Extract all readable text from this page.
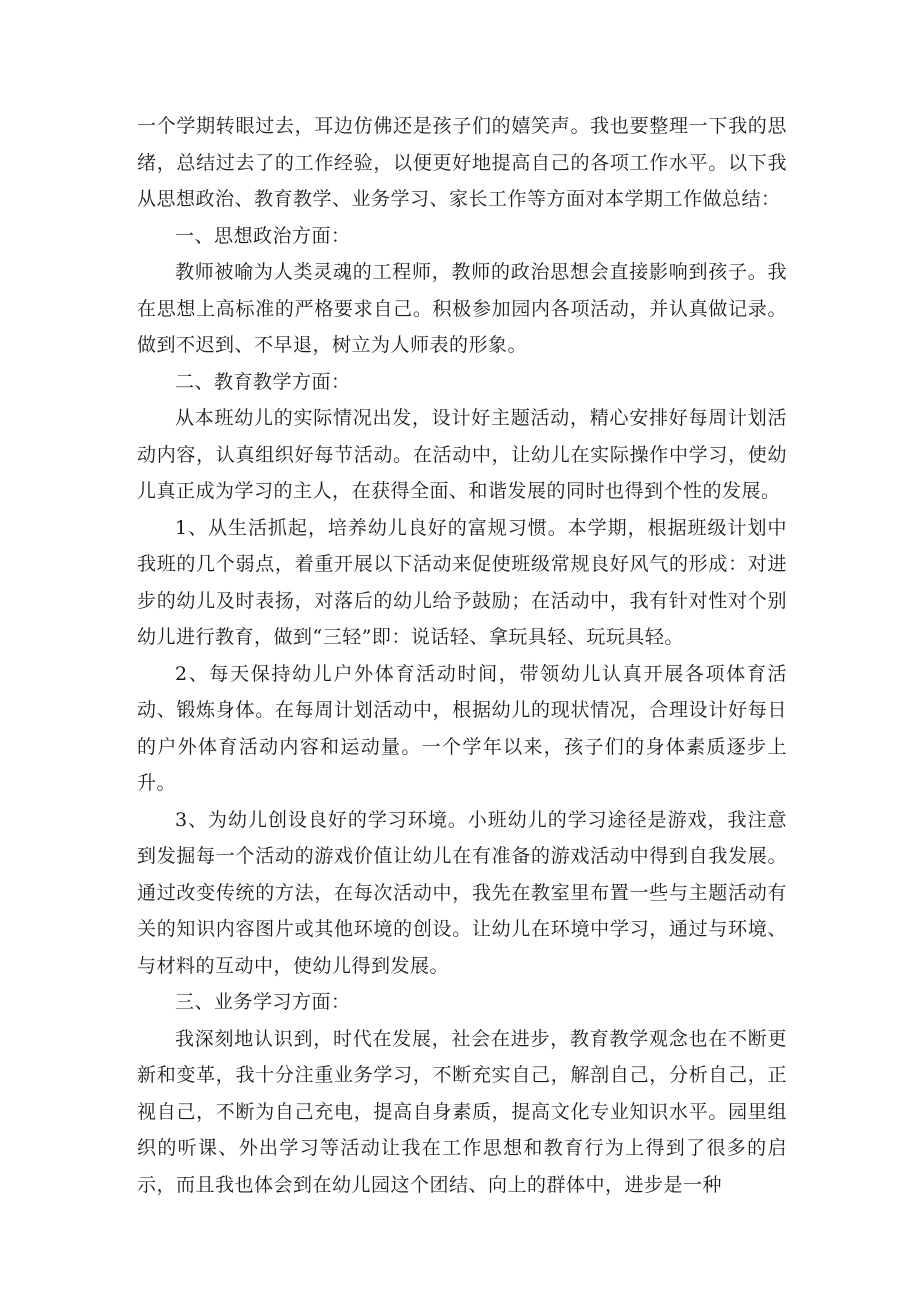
一个学期转眼过去，耳边仿佛还是孩子们的嬉笑声。我也要整理一下我的思绪，总结过去了的工作经验，以便更好地提高自己的各项工作水平。以下我从思想政治、教育教学、业务学习、家长工作等方面对本学期工作做总结：

一、思想政治方面：

教师被喻为人类灵魂的工程师，教师的政治思想会直接影响到孩子。我在思想上高标准的严格要求自己。积极参加园内各项活动，并认真做记录。做到不迟到、不早退，树立为人师表的形象。

二、教育教学方面：

从本班幼儿的实际情况出发，设计好主题活动，精心安排好每周计划活动内容，认真组织好每节活动。在活动中，让幼儿在实际操作中学习，使幼儿真正成为学习的主人，在获得全面、和谐发展的同时也得到个性的发展。

1、从生活抓起，培养幼儿良好的富规习惯。本学期，根据班级计划中我班的几个弱点，着重开展以下活动来促使班级常规良好风气的形成：对进步的幼儿及时表扬，对落后的幼儿给予鼓励；在活动中，我有针对性对个别幼儿进行教育，做到“三轻”即：说话轻、拿玩具轻、玩玩具轻。

2、每天保持幼儿户外体育活动时间，带领幼儿认真开展各项体育活动、锻炼身体。在每周计划活动中，根据幼儿的现状情况，合理设计好每日的户外体育活动内容和运动量。一个学年以来，孩子们的身体素质逐步上升。

3、为幼儿创设良好的学习环境。小班幼儿的学习途径是游戏，我注意到发掘每一个活动的游戏价值让幼儿在有准备的游戏活动中得到自我发展。通过改变传统的方法，在每次活动中，我先在教室里布置一些与主题活动有关的知识内容图片或其他环境的创设。让幼儿在环境中学习，通过与环境、与材料的互动中，使幼儿得到发展。

三、业务学习方面：

我深刻地认识到，时代在发展，社会在进步，教育教学观念也在不断更新和变革，我十分注重业务学习，不断充实自己，解剖自己，分析自己，正视自己，不断为自己充电，提高自身素质，提高文化专业知识水平。园里组织的听课、外出学习等活动让我在工作思想和教育行为上得到了很多的启示，而且我也体会到在幼儿园这个团结、向上的群体中，进步是一种
